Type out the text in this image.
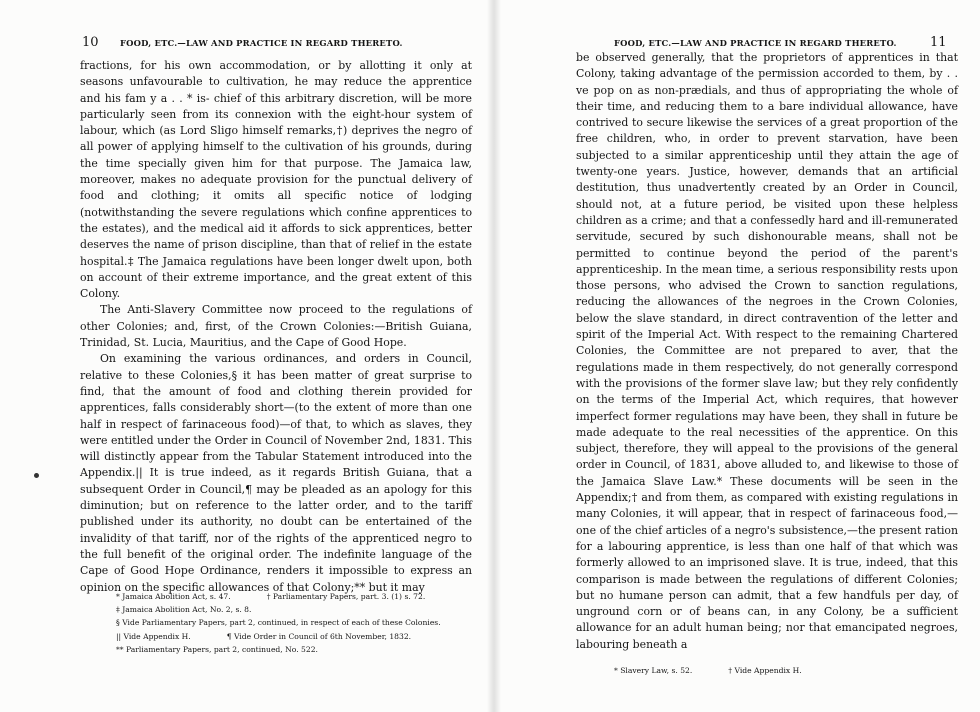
10	FOOD, ETC.—LAW AND PRACTICE IN REGARD THERETO.

fractions, for his own accommodation, or by allotting it only at seasons unfavourable to cultivation, he may reduce the apprentice and his fam y a . . * is- chief of this arbitrary discretion, will be more particularly seen from its connexion with the eight-hour system of labour, which (as Lord Sligo himself remarks,†) deprives the negro of all power of applying himself to the cultivation of his grounds, during the time specially given him for that purpose. The Jamaica law, moreover, makes no adequate provision for the punctual delivery of food and clothing; it omits all specific notice of lodging (notwithstanding the severe regulations which confine apprentices to the estates), and the medical aid it affords to sick apprentices, better deserves the name of prison discipline, than that of relief in the estate hospital.‡ The Jamaica regulations have been longer dwelt upon, both on account of their extreme importance, and the great extent of this Colony.

The Anti-Slavery Committee now proceed to the regulations of other Colonies; and, first, of the Crown Colonies:—British Guiana, Trinidad, St. Lucia, Mauritius, and the Cape of Good Hope.

On examining the various ordinances, and orders in Council, relative to these Colonies,§ it has been matter of great surprise to find, that the amount of food and clothing therein provided for apprentices, falls considerably short—(to the extent of more than one half in respect of farinaceous food)—of that, to which as slaves, they were entitled under the Order in Council of November 2nd, 1831. This will distinctly appear from the Tabular Statement introduced into the Appendix.|| It is true indeed, as it regards British Guiana, that a subsequent Order in Council,¶ may be pleaded as an apology for this diminution; but on reference to the latter order, and to the tariff published under its authority, no doubt can be entertained of the invalidity of that tariff, nor of the rights of the apprenticed negro to the full benefit of the original order. The indefinite language of the Cape of Good Hope Ordinance, renders it impossible to express an opinion on the specific allowances of that Colony;** but it may

* Jamaica Abolition Act, s. 47.	† Parliamentary Papers, part. 3. (1) s. 72.
‡ Jamaica Abolition Act, No. 2, s. 8.
§ Vide Parliamentary Papers, part 2, continued, in respect of each of these Colonies.
|| Vide Appendix H.	¶ Vide Order in Council of 6th November, 1832.
** Parliamentary Papers, part 2, continued, No. 522.
FOOD, ETC.—LAW AND PRACTICE IN REGARD THERETO.	11

be observed generally, that the proprietors of apprentices in that Colony, taking advantage of the permission accorded to them, by . . ve pop on as non-prædials, and thus of appropriating the whole of their time, and reducing them to a bare individual allowance, have contrived to secure likewise the services of a great proportion of the free children, who, in order to prevent starvation, have been subjected to a similar apprenticeship until they attain the age of twenty-one years. Justice, however, demands that an artificial destitution, thus unadvertently created by an Order in Council, should not, at a future period, be visited upon these helpless children as a crime; and that a confessedly hard and ill-remunerated servitude, secured by such dishonourable means, shall not be permitted to continue beyond the period of the parent's apprenticeship. In the mean time, a serious responsibility rests upon those persons, who advised the Crown to sanction regulations, reducing the allowances of the negroes in the Crown Colonies, below the slave standard, in direct contravention of the letter and spirit of the Imperial Act. With respect to the remaining Chartered Colonies, the Committee are not prepared to aver, that the regulations made in them respectively, do not generally correspond with the provisions of the former slave law; but they rely confidently on the terms of the Imperial Act, which requires, that however imperfect former regulations may have been, they shall in future be made adequate to the real necessities of the apprentice. On this subject, therefore, they will appeal to the provisions of the general order in Council, of 1831, above alluded to, and likewise to those of the Jamaica Slave Law.* These documents will be seen in the Appendix;† and from them, as compared with existing regulations in many Colonies, it will appear, that in respect of farinaceous food,—one of the chief articles of a negro's subsistence,—the present ration for a labouring apprentice, is less than one half of that which was formerly allowed to an imprisoned slave. It is true, indeed, that this comparison is made between the regulations of different Colonies; but no humane person can admit, that a few handfuls per day, of unground corn or of beans can, in any Colony, be a sufficient allowance for an adult human being; nor that emancipated negroes, labouring beneath a

* Slavery Law, s. 52.	† Vide Appendix H.
